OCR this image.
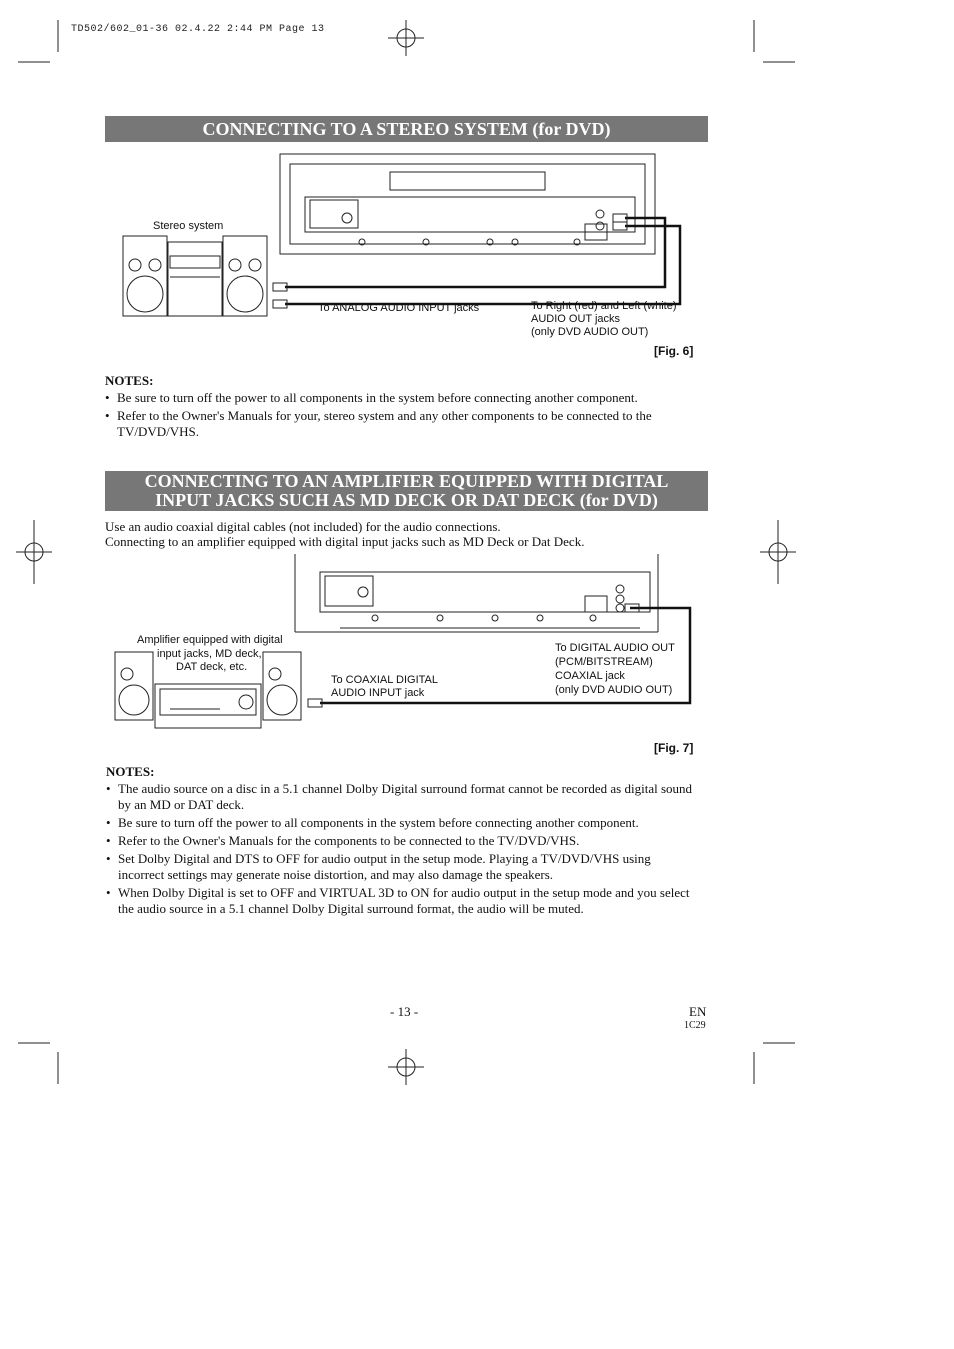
TD502/602_01-36 02.4.22 2:44 PM Page 13
CONNECTING TO A STEREO SYSTEM (for DVD)
Stereo system
To ANALOG AUDIO INPUT jacks	To Right (red) and Left (white)
AUDIO OUT jacks
(only DVD AUDIO OUT)
[Fig. 6]
NOTES:
• Be sure to turn off the power to all components in the system before connecting another component.
• Refer to the Owner's Manuals for your, stereo system and any other components to be connected to the TV/DVD/VHS.
CONNECTING TO AN AMPLIFIER EQUIPPED WITH DIGITAL
INPUT JACKS SUCH AS MD DECK OR DAT DECK (for DVD)
Use an audio coaxial digital cables (not included) for the audio connections.
Connecting to an amplifier equipped with digital input jacks such as MD Deck or Dat Deck.
Amplifier equipped with digital
input jacks, MD deck,
DAT deck, etc.
To COAXIAL DIGITAL
AUDIO INPUT jack
To DIGITAL AUDIO OUT
(PCM/BITSTREAM)
COAXIAL jack
(only DVD AUDIO OUT)
[Fig. 7]
NOTES:
• The audio source on a disc in a 5.1 channel Dolby Digital surround format cannot be recorded as digital sound by an MD or DAT deck.
• Be sure to turn off the power to all components in the system before connecting another component.
• Refer to the Owner's Manuals for the components to be connected to the TV/DVD/VHS.
• Set Dolby Digital and DTS to OFF for audio output in the setup mode. Playing a TV/DVD/VHS using incorrect settings may generate noise distortion, and may also damage the speakers.
• When Dolby Digital is set to OFF and VIRTUAL 3D to ON for audio output in the setup mode and you select the audio source in a 5.1 channel Dolby Digital surround format, the audio will be muted.
- 13 -	EN
1C29
